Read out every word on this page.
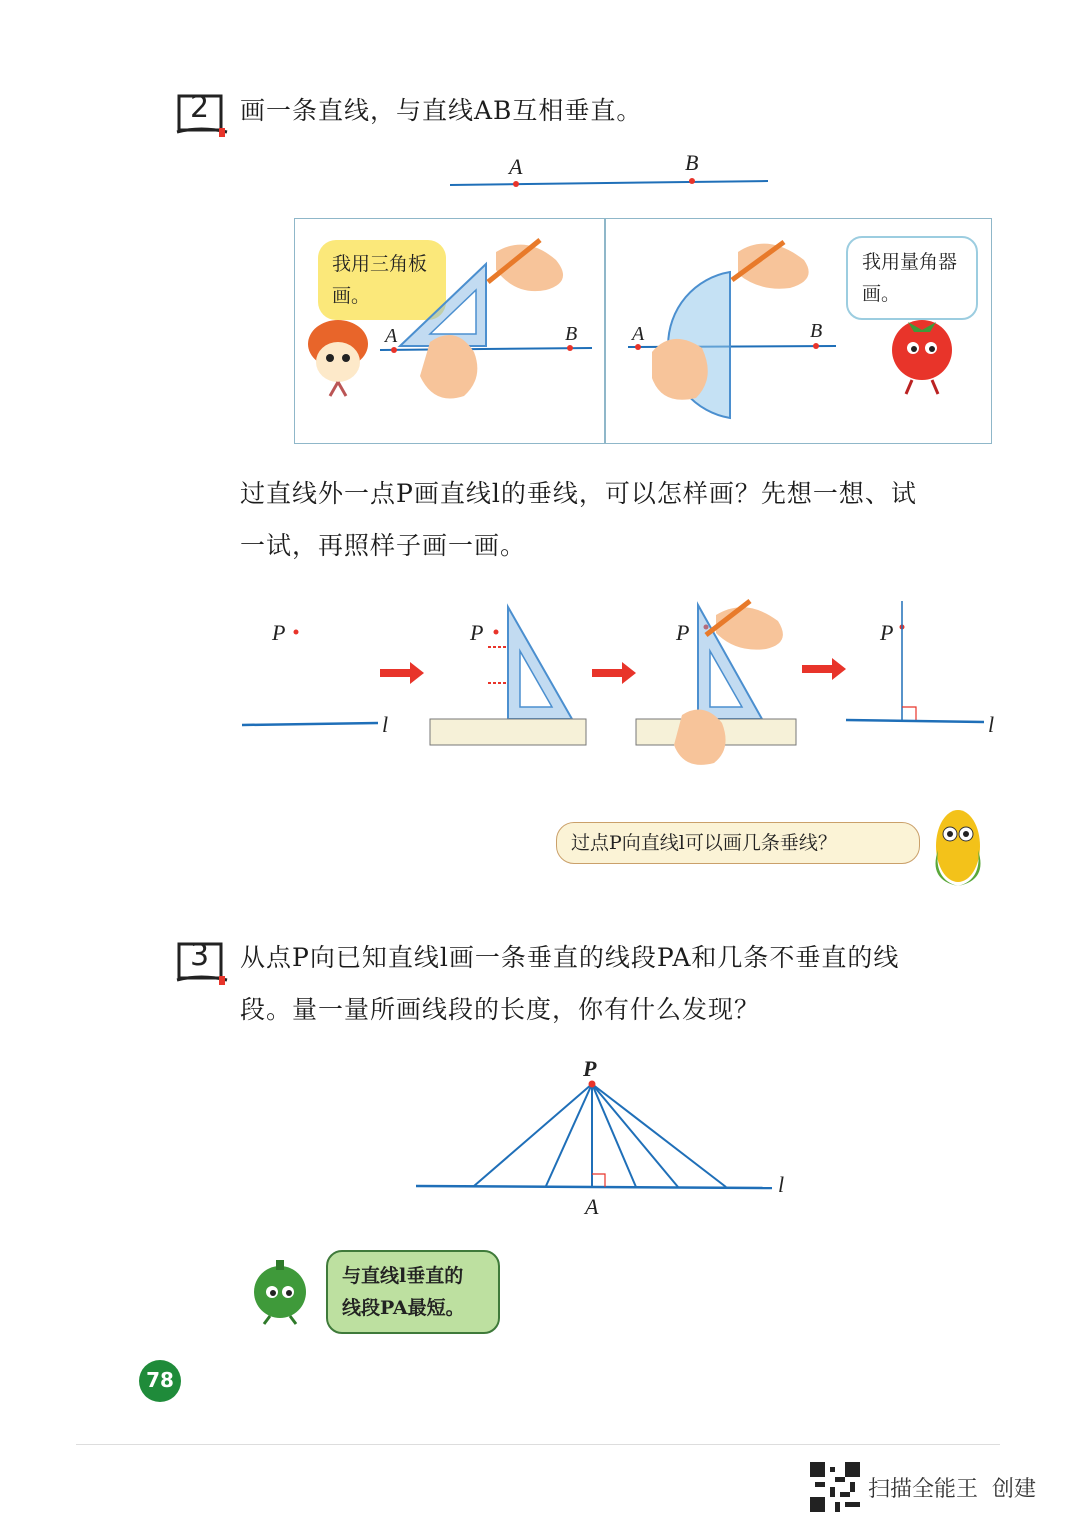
2 画一条直线，与直线AB互相垂直。
A	B
我用三角板画。
A	B
我用量角器画。
A	B
过直线外一点P画直线l的垂线，可以怎样画？先想一想、试
一试，再照样子画一画。
P
l
P	P	P
l
过点P向直线l可以画几条垂线？
3 从点P向已知直线l画一条垂直的线段PA和几条不垂直的线
段。量一量所画线段的长度，你有什么发现？
P
A
l
与直线l垂直的
线段PA最短。
78
扫描全能王  创建
